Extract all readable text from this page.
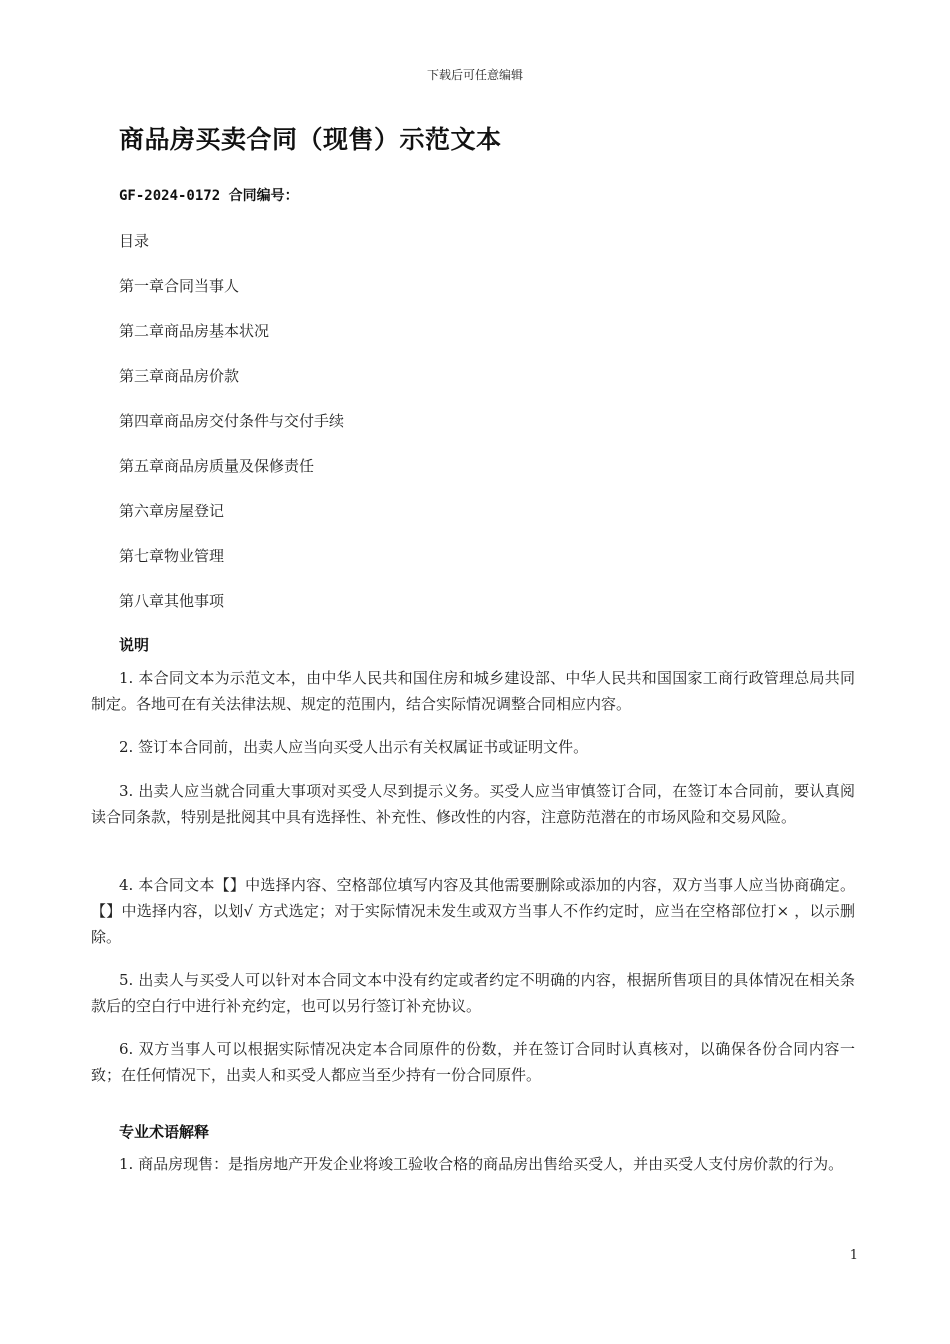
下载后可任意编辑
商品房买卖合同（现售）示范文本
GF-2024-0172 合同编号：
目录
第一章合同当事人
第二章商品房基本状况
第三章商品房价款
第四章商品房交付条件与交付手续
第五章商品房质量及保修责任
第六章房屋登记
第七章物业管理
第八章其他事项
说明

1. 本合同文本为示范文本，由中华人民共和国住房和城乡建设部、中华人民共和国国家工商行政管理总局共同制定。各地可在有关法律法规、规定的范围内，结合实际情况调整合同相应内容。

2. 签订本合同前，出卖人应当向买受人出示有关权属证书或证明文件。

3. 出卖人应当就合同重大事项对买受人尽到提示义务。买受人应当审慎签订合同，在签订本合同前，要认真阅读合同条款，特别是批阅其中具有选择性、补充性、修改性的内容，注意防范潜在的市场风险和交易风险。

4. 本合同文本【】中选择内容、空格部位填写内容及其他需要删除或添加的内容，双方当事人应当协商确定。【】中选择内容，以划√ 方式选定；对于实际情况未发生或双方当事人不作约定时，应当在空格部位打× ，以示删除。

5. 出卖人与买受人可以针对本合同文本中没有约定或者约定不明确的内容，根据所售项目的具体情况在相关条款后的空白行中进行补充约定，也可以另行签订补充协议。

6. 双方当事人可以根据实际情况决定本合同原件的份数，并在签订合同时认真核对，以确保各份合同内容一致；在任何情况下，出卖人和买受人都应当至少持有一份合同原件。

专业术语解释

1. 商品房现售：是指房地产开发企业将竣工验收合格的商品房出售给买受人，并由买受人支付房价款的行为。

1
